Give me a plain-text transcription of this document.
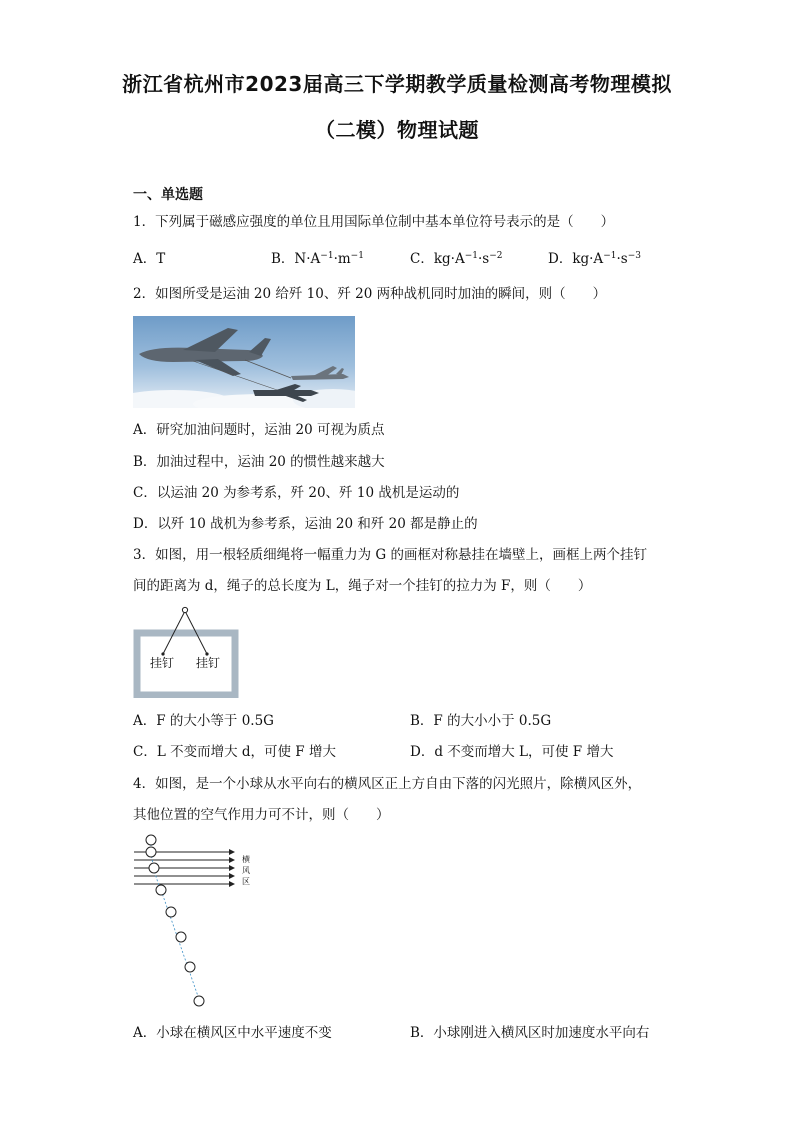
浙江省杭州市2023届高三下学期教学质量检测高考物理模拟
（二模）物理试题
一、单选题
1．下列属于磁感应强度的单位且用国际单位制中基本单位符号表示的是（　　）
A．T	B．$N\cdot A^{-1}\cdot m^{-1}$	C．$kg\cdot A^{-1}\cdot s^{-2}$	D．$kg\cdot A^{-1}\cdot s^{-3}$
2．如图所受是运油 20 给歼 10、歼 20 两种战机同时加油的瞬间，则（　　）
A．研究加油问题时，运油 20 可视为质点
B．加油过程中，运油 20 的惯性越来越大
C．以运油 20 为参考系，歼 20、歼 10 战机是运动的
D．以歼 10 战机为参考系，运油 20 和歼 20 都是静止的
3．如图，用一根轻质细绳将一幅重力为 G 的画框对称悬挂在墙壁上，画框上两个挂钉
间的距离为 d，绳子的总长度为 L，绳子对一个挂钉的拉力为 F，则（　　）
挂钉 挂钉
A．F 的大小等于 0.5G	B．F 的大小小于 0.5G
C．L 不变而增大 d，可使 F 增大	D．d 不变而增大 L，可使 F 增大
4．如图，是一个小球从水平向右的横风区正上方自由下落的闪光照片，除横风区外，
其他位置的空气作用力可不计，则（　　）
横
风
区
A．小球在横风区中水平速度不变	B．小球刚进入横风区时加速度水平向右
